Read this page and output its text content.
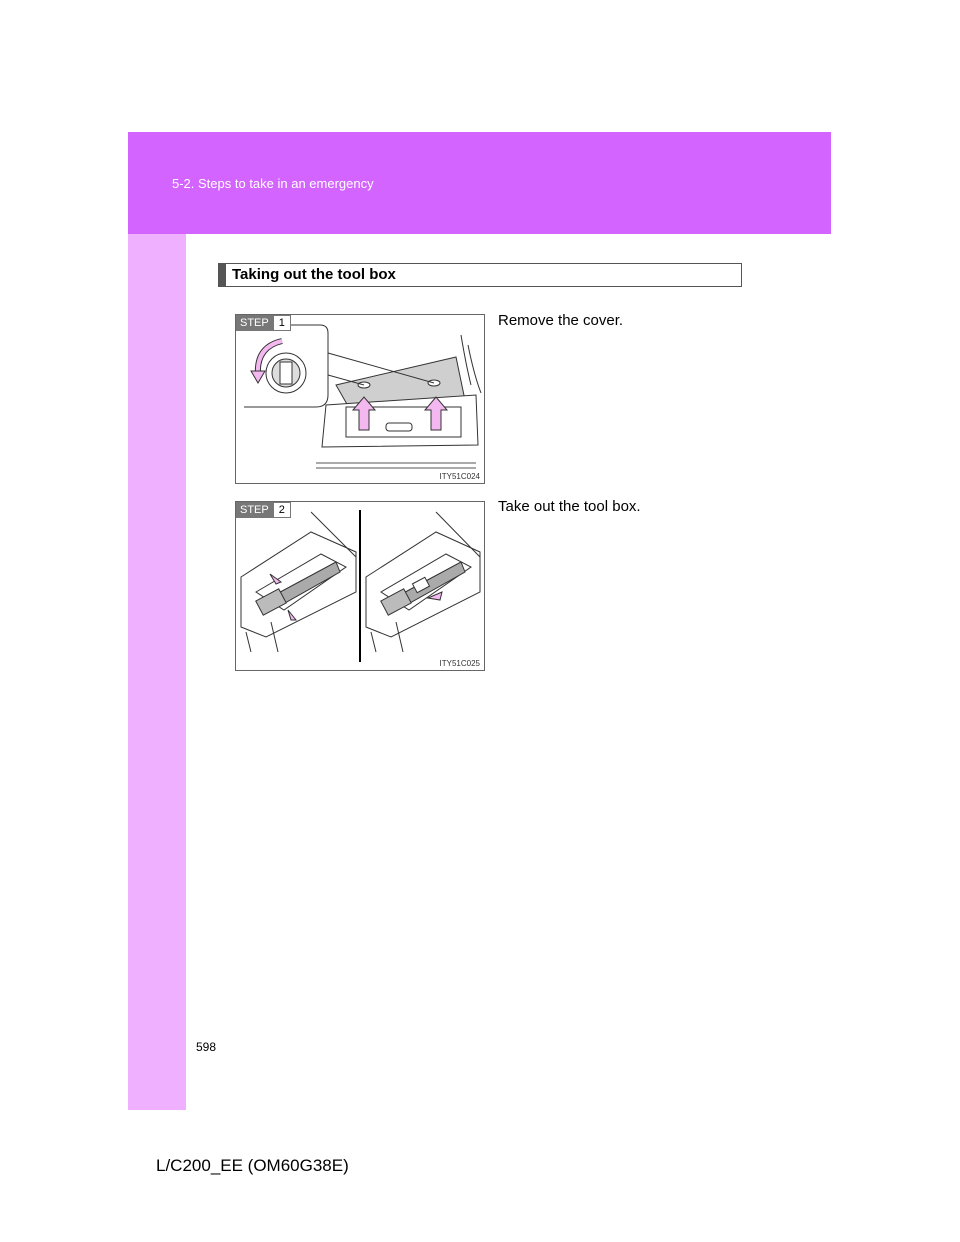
5-2. Steps to take in an emergency
Taking out the tool box
STEP 1
ITY51C024
Remove the cover.
STEP 2
ITY51C025
Take out the tool box.
598
L/C200_EE (OM60G38E)
